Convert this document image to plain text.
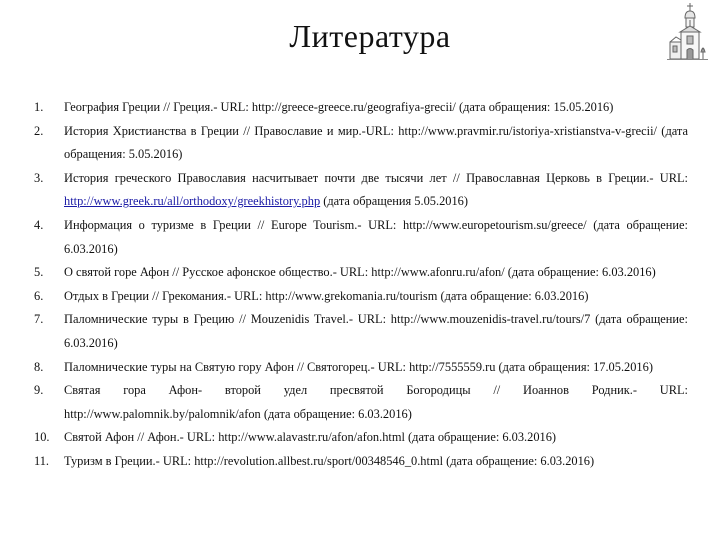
Литература
1. География Греции // Греция.- URL: http://greece-greece.ru/geografiya-grecii/ (дата обращения: 15.05.2016)
2. История Христианства в Греции // Православие и мир.-URL: http://www.pravmir.ru/istoriya-xristianstva-v-grecii/ (дата обращения: 5.05.2016)
3. История греческого Православия насчитывает почти две тысячи лет // Православная Церковь в Греции.- URL: http://www.greek.ru/all/orthodoxy/greekhistory.php (дата обращения 5.05.2016)
4. Информация о туризме в Греции // Europe Tourism.- URL: http://www.europetourism.su/greece/ (дата обращение: 6.03.2016)
5. О святой горе Афон // Русское афонское общество.- URL: http://www.afonru.ru/afon/ (дата обращение: 6.03.2016)
6. Отдых в Греции // Грекомания.- URL: http://www.grekomania.ru/tourism (дата обращение: 6.03.2016)
7. Паломнические туры в Грецию // Mouzenidis Travel.- URL: http://www.mouzenidis-travel.ru/tours/7 (дата обращение: 6.03.2016)
8. Паломнические туры на Святую гору Афон // Святогорец.- URL: http://7555559.ru (дата обращения: 17.05.2016)
9. Святая гора Афон- второй удел пресвятой Богородицы // Иоаннов Родник.- URL: http://www.palomnik.by/palomnik/afon (дата обращение: 6.03.2016)
10. Святой Афон // Афон.- URL: http://www.alavastr.ru/afon/afon.html (дата обращение: 6.03.2016)
11. Туризм в Греции.- URL: http://revolution.allbest.ru/sport/00348546_0.html (дата обращение: 6.03.2016)
